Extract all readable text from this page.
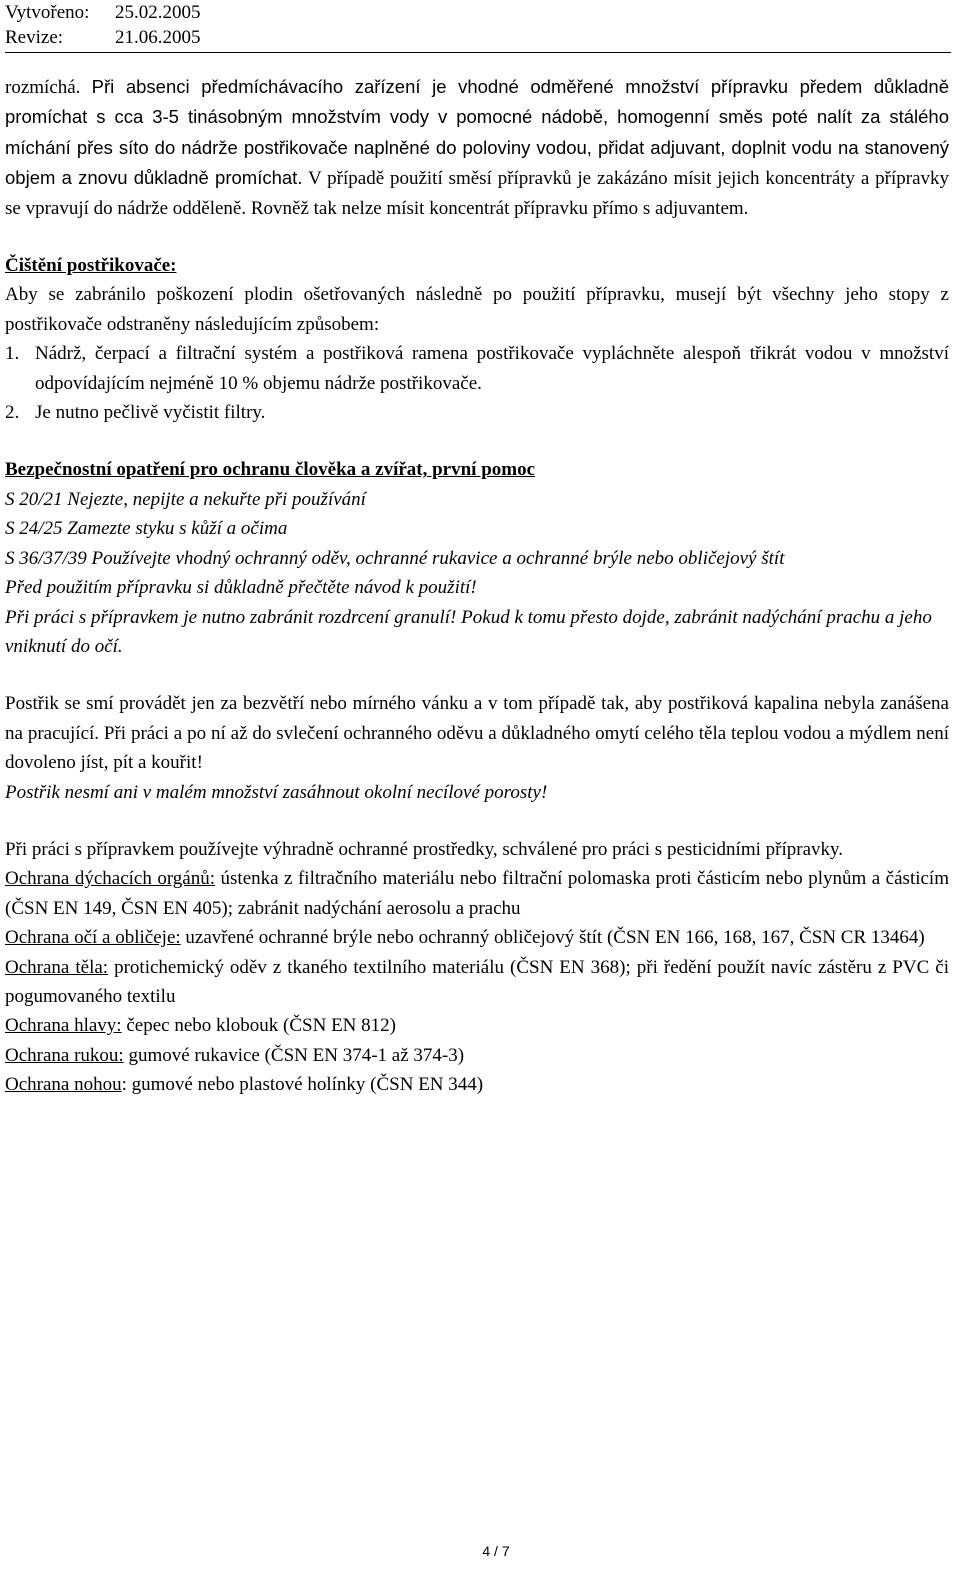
Vytvořeno: 25.02.2005
Revize:	21.06.2005

rozmíchá. Při absenci předmíchávacího zařízení je vhodné odměřené množství přípravku předem důkladně promíchat s cca 3-5 tinásobným množstvím vody v pomocné nádobě, homogenní směs poté nalít za stálého míchání přes síto do nádrže postřikovače naplněné do poloviny vodou, přidat adjuvant, doplnit vodu na stanovený objem a znovu důkladně promíchat. V případě použití směsí přípravků je zakázáno mísit jejich koncentráty a přípravky se vpravují do nádrže odděleně. Rovněž tak nelze mísit koncentrát přípravku přímo s adjuvantem.

Čištění postřikovače:

Aby se zabránilo poškození plodin ošetřovaných následně po použití přípravku, musejí být všechny jeho stopy z postřikovače odstraněny následujícím způsobem:

1. Nádrž, čerpací a filtrační systém a postřiková ramena postřikovače vypláchněte alespoň třikrát vodou v množství odpovídajícím nejméně 10 % objemu nádrže postřikovače.
2. Je nutno pečlivě vyčistit filtry.

Bezpečnostní opatření pro ochranu člověka a zvířat, první pomoc

S 20/21 Nejezte, nepijte a nekuřte při používání

S 24/25 Zamezte styku s kůží a očima

S 36/37/39 Používejte vhodný ochranný oděv, ochranné rukavice a ochranné brýle nebo obličejový štít

Před použitím přípravku si důkladně přečtěte návod k použití!

Při práci s přípravkem je nutno zabránit rozdrcení granulí! Pokud k tomu přesto dojde, zabránit nadýchání prachu a jeho vniknutí do očí.

Postřik se smí provádět jen za bezvětří nebo mírného vánku a v tom případě tak, aby postřiková kapalina nebyla zanášena na pracující. Při práci a po ní až do svlečení ochranného oděvu a důkladného omytí celého těla teplou vodou a mýdlem není dovoleno jíst, pít a kouřit!

Postřik nesmí ani v malém množství zasáhnout okolní necílové porosty!

Při práci s přípravkem používejte výhradně ochranné prostředky, schválené pro práci s pesticidními přípravky.

Ochrana dýchacích orgánů: ústenka z filtračního materiálu nebo filtrační polomaska proti částicím nebo plynům a částicím (ČSN EN 149, ČSN EN 405); zabránit nadýchání aerosolu a prachu

Ochrana očí a obličeje: uzavřené ochranné brýle nebo ochranný obličejový štít (ČSN EN 166, 168, 167, ČSN CR 13464)

Ochrana těla: protichemický oděv z tkaného textilního materiálu (ČSN EN 368); při ředění použít navíc zástěru z PVC či pogumovaného textilu

Ochrana hlavy: čepec nebo klobouk (ČSN EN 812)

Ochrana rukou: gumové rukavice (ČSN EN 374-1 až 374-3)

Ochrana nohou: gumové nebo plastové holínky (ČSN EN 344)

4 / 7
